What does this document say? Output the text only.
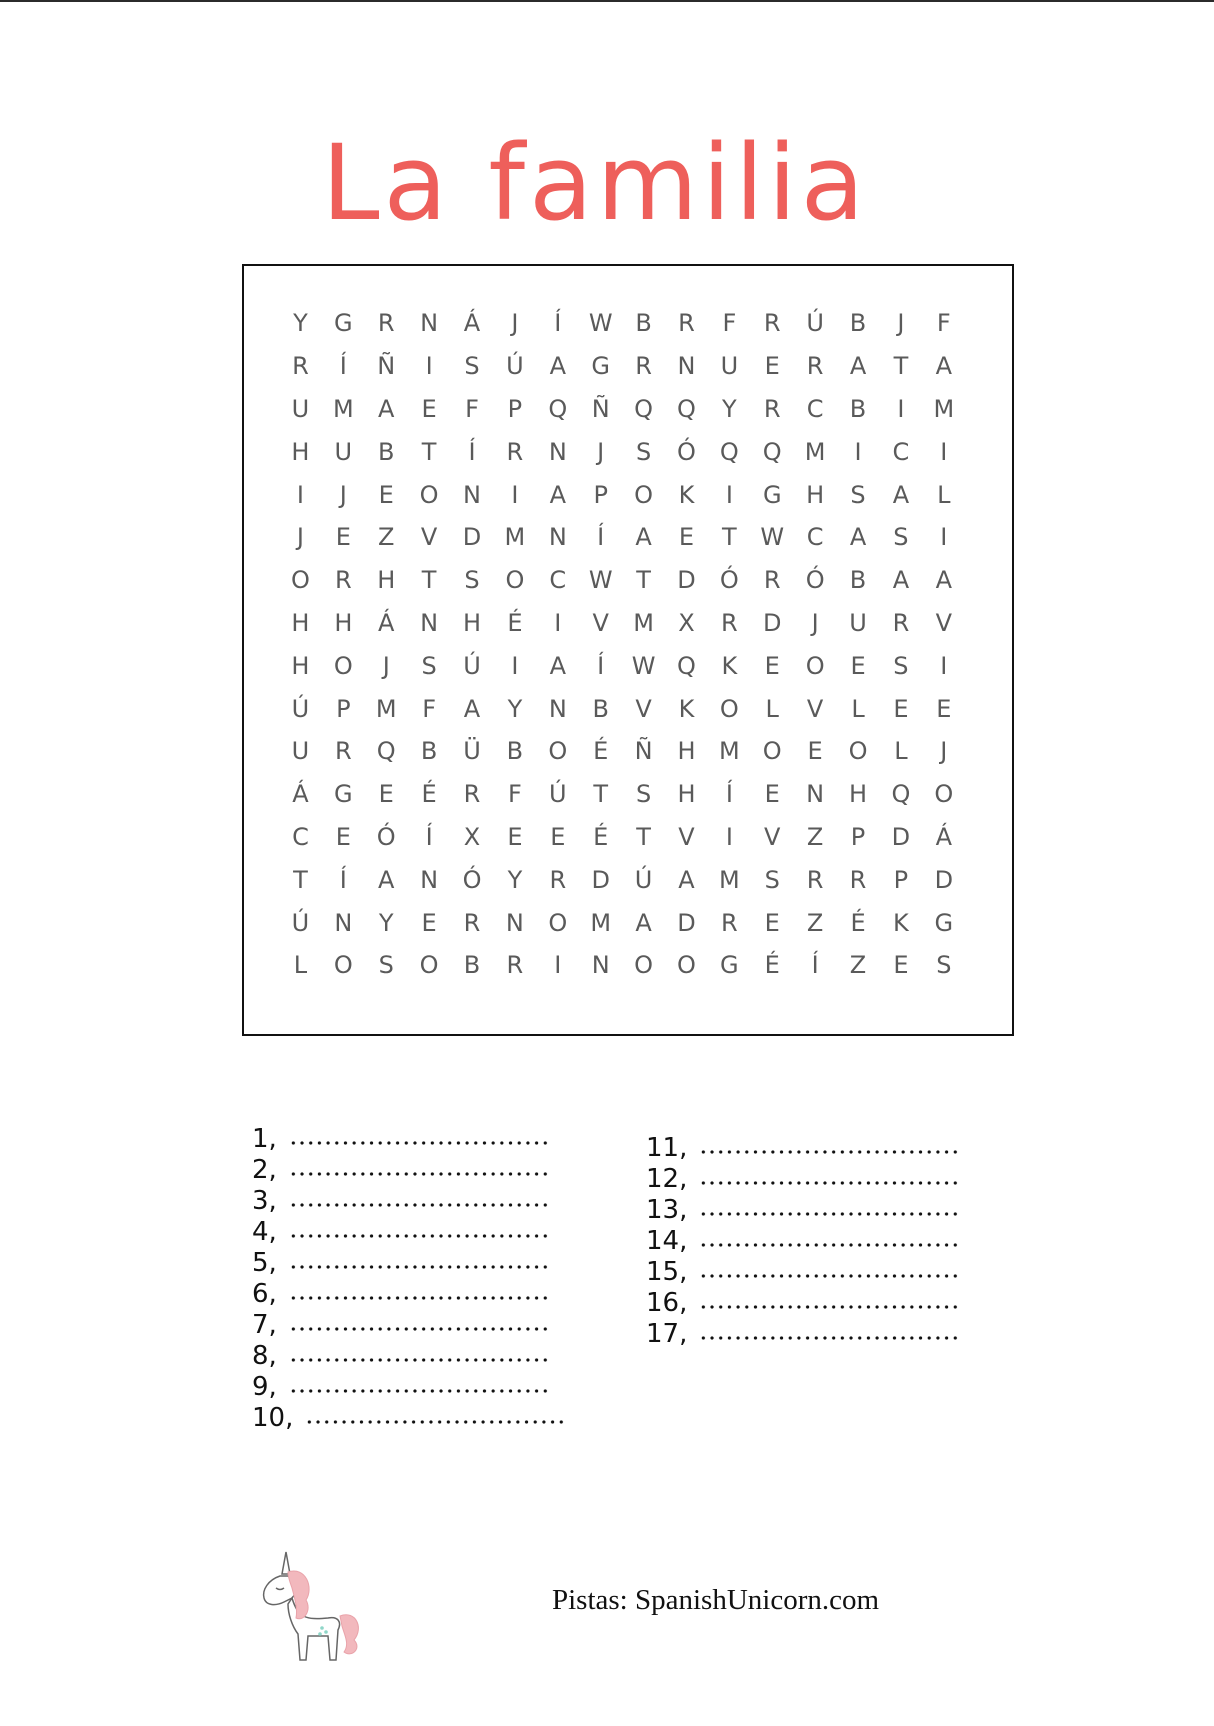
La familia
Y	G	R	N	Á	J	Í	W B	R	F	R	Ú	B	J	F
R	Í	Ñ	I	S	Ú	A	G	R	N	U	E	R	A	T	A
U M	A	E	F	P	Q	Ñ	Q	Q	Y	R	C	B	I	M
H	U	B	T	Í	R	N	J	S	Ó	Q	Q M	I	C	I
I	J	E	O	N	I	A	P	O	K	I	G	H	S	A	L
J	E	Z	V	D M N	Í	A	E	T W C	A	S	I
O	R	H	T	S	O	C W T	D	Ó	R	Ó	B	A	A
H	H	Á	N	H	É	I	V	M	X	R	D	J	U	R	V
H	O	J	S	Ú	I	A	Í	W Q	K	E	O	E	S	I
Ú	P	M	F	A	Y	N	B	V	K	O	L	V	L	E	E
U	R	Q	B	Ü	B	O	É	Ñ	H M O	E	O	L	J
Á	G	E	É	R	F	Ú	T	S	H	Í	E	N	H	Q	O
C	E	Ó	Í	X	E	E	É	T	V	I	V	Z	P	D	Á
T	Í	A	N	Ó	Y	R	D	Ú	A	M	S	R	R	P	D
Ú	N	Y	E	R	N	O M	A	D	R	E	Z	É	K	G
L	O	S	O	B	R	I	N	O	O	G	É	Í	Z	E	S
1,
2,
3,
4,
5,
6,
7,
8,
9,
10,
11,
12,
13,
14,
15,
16,
17,
Pistas: SpanishUnicorn.com
